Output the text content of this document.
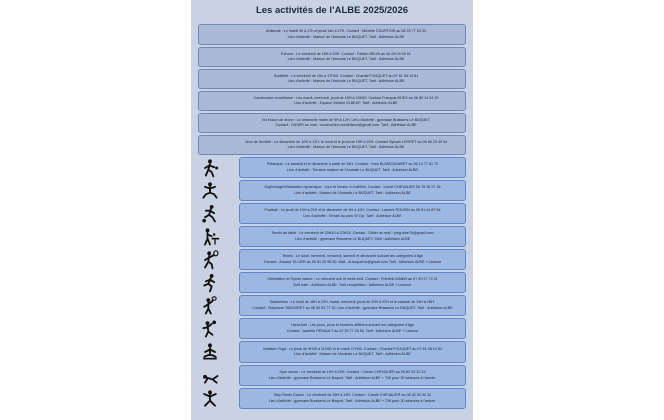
Les activités de l’ALBE 2025/2026
Artisanat : Le mardi 9h à 17h et jeudi 14h à 17H. Contact : Michèle COURTOIS au 06 25 77 54 34
Lieu d’activité : Maison de l’Amicale Le BUQUET. Tarif : Adhésion ALBE
Echecs : Le vendredi de 18H à 20H. Contact : Fabien BELIN au 06 28 04 55 51
Lieu d’activité : Maison de l’Amicale Le BUQUET. Tarif : Adhésion ALBE
Scrabble : Le vendredi de 15h à 17H30. Contact : Chantal FOUQUET au 07 61 08 14 81
Lieu d’activité : Maison de l’Amicale Le BUQUET. Tarif : Adhésion ALBE
Construction modélisme : Les mardi, mercredi, jeudi de 15H à 18H30. Contact François BOES au 06 80 14 24 19
Lieu d’activité : Espace Voltaire ELBEUF. Tarif : Adhésion ALBE
Vol indoor de drone : Le dimanche matin de 9H à 12H. Lieu d’activité : gymnase Brassens Le BUQUET.
Contact : DIDIER au mail : construction.modelisme@gmail.com. Tarif : Adhésion ALBE
Jeux de Société : Le dimanche de 10H à 12H, le lundi et le jeudi de 15H à 22H. Contact Sylvain LERRET au 06 66 20 49 94
Lieu d’activité : Maison de l’Amicale Le BUQUET. Tarif : Adhésion ALBE
Pétanque : Le samedi et le dimanche à partir de 14H. Contact : Yves BLANCGUARET au 06 14 77 61 72
Lieu d’activité : Terrains maison de l’Amicale Le BUQUET. Tarif : Adhésion ALBE
Sophrologie/Relaxation dynamique : Jour et horaire à redéfinir. Contact : Lionel CHEVALIER 06 76 45 27 36
Lieu d’activité : Maison de l’Amicale Le BUQUET. Tarif : Adhésion ALBE
Football : Le jeudi de 19H à 21H et le dimanche de 9H à 12H. Contact : Laurent ROUXIN au 06 81 44 87 84
Lieu d’activité : Terrain du parc St Cyr. Tarif : Adhésion ALBE
Tennis de table : Le vendredi de 20H15 à 22H15. Contact : Didier au mail : ping.albe76@gmail.com
Lieu d’activité : gymnase Brassens Le BUQUET. Tarif : Adhésion ALBE
Tennis : Le lundi, mercredi, vendredi, samedi et dimanche suivant les catégories d’âge
Contact : Arnaud TILLIER au 06 81 25 98 60. Mail : al.buquet.tc@gmail.com Tarif : Adhésion ALBE + Licence
Orientation et Sports nature : Le mercredi soir et week-end. Contact : Frédéric DANIN au 07 49 37 72 21
Tarif loisir : Adhésion ALBE. Tarif compétition : Adhésion ALBE + Licence.
Badminton : Le lundi de 18H à 22H, mardi, mercredi, jeudi de 20H à 22H et le samedi de 14H à 18H.
Contact : Stéphane TABOURET au 06 09 93 77 10. Lieu d’activité : gymnase Brassens Le BUQUET. Tarif : Adhésion ALBE
Hand-ball : Les jours, jours et horaires différent suivant les catégories d’âge
Contact : Isabelle RENAULT au 02 35 77 25 55. Tarif : Adhésion ALBE + Licence
Initiation Yoga : Le jeudi de 9H30 à 11H30 et le mardi 17H45. Contact : Chantal FOUQUET au 07 61 08 14 81
Lieu d’activité : Maison de l’Amicale Le BUQUET. Tarif : Adhésion ALBE
Gym douce : Le vendredi de 19H à 20H. Contact : Carole CHEVALIER au 06 82 00 32 32
Lieu d’activité : gymnase Brassens Le Buquet. Tarif : Adhésion ALBE + 72€ pour 30 séances à l’année.
Step Renfo Danse : Le vendredi de 18H à 19H. Contact : Carole CHEVALIER au 06 82 00 32 32
Lieu d’activité : gymnase Brassens Le Buquet. Tarif : Adhésion ALBE + 72€ pour 30 séances à l’année.
